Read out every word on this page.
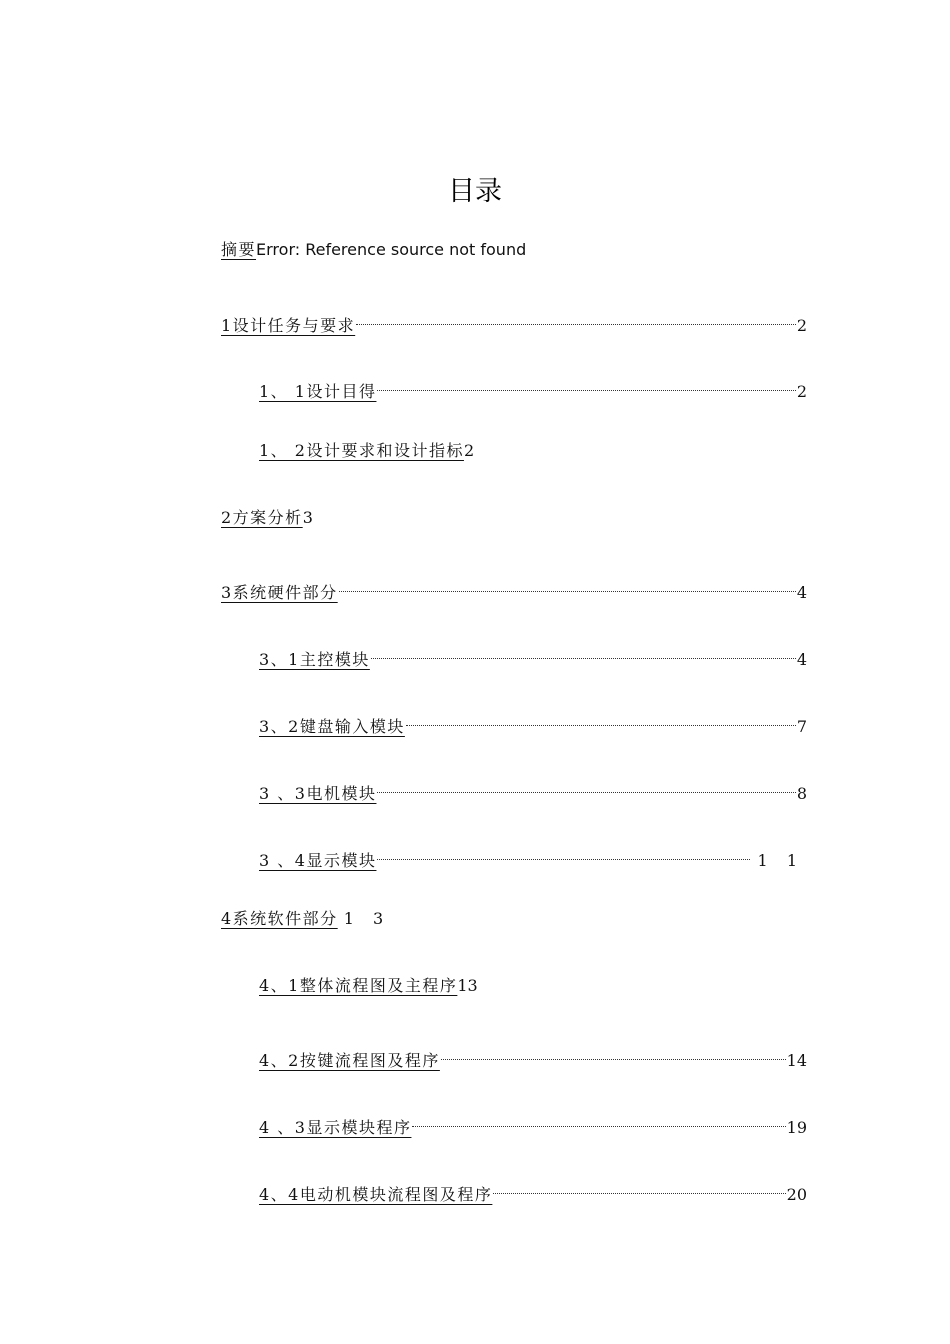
目录
摘要 Error: Reference source not found
1设计任务与要求	2
1、 1设计目得	2
1、 2设计要求和设计指标 2
2方案分析 3
3系统硬件部分	4
3、1主控模块	4
3、2键盘输入模块	7
3 、3电机模块	8
3 、4显示模块	1 1
4系统软件部分 1 3
4、1整体流程图及主程序 13
4、2按键流程图及程序	14
4 、3显示模块程序	19
4、4电动机模块流程图及程序	20
